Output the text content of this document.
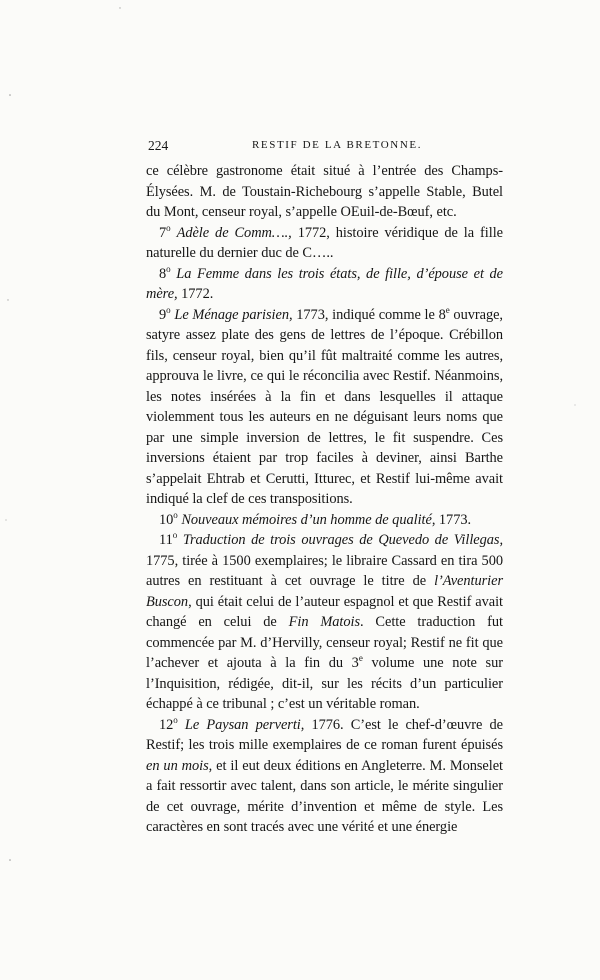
224	RESTIF DE LA BRETONNE.

ce célèbre gastronome était situé à l’entrée des Champs-Élysées. M. de Toustain-Richebourg s’appelle Stable, Butel du Mont, censeur royal, s’appelle OEuil-de-Bœuf, etc.

7$^o$ Adèle de Comm…., 1772, histoire véridique de la fille naturelle du dernier duc de C…..

8$^o$ La Femme dans les trois états, de fille, d’épouse et de mère, 1772.

9$^o$ Le Ménage parisien, 1773, indiqué comme le 8e ouvrage, satyre assez plate des gens de lettres de l’époque. Crébillon fils, censeur royal, bien qu’il fût maltraité comme les autres, approuva le livre, ce qui le réconcilia avec Restif. Néanmoins, les notes insérées à la fin et dans lesquelles il attaque violemment tous les auteurs en ne déguisant leurs noms que par une simple inversion de lettres, le fit suspendre. Ces inversions étaient par trop faciles à deviner, ainsi Barthe s’appelait Ehtrab et Cerutti, Itturec, et Restif lui-même avait indiqué la clef de ces transpositions.

10$^o$ Nouveaux mémoires d’un homme de qualité, 1773.

11$^o$ Traduction de trois ouvrages de Quevedo de Villegas, 1775, tirée à 1500 exemplaires; le libraire Cassard en tira 500 autres en restituant à cet ouvrage le titre de l’Aventurier Buscon, qui était celui de l’auteur espagnol et que Restif avait changé en celui de Fin Matois. Cette traduction fut commencée par M. d’Hervilly, censeur royal; Restif ne fit que l’achever et ajouta à la fin du 3e volume une note sur l’Inquisition, rédigée, dit-il, sur les récits d’un particulier échappé à ce tribunal ; c’est un véritable roman.

12$^o$ Le Paysan perverti, 1776. C’est le chef-d’œuvre de Restif; les trois mille exemplaires de ce roman furent épuisés en un mois, et il eut deux éditions en Angleterre. M. Monselet a fait ressortir avec talent, dans son article, le mérite singulier de cet ouvrage, mérite d’invention et même de style. Les caractères en sont tracés avec une vérité et une énergie
